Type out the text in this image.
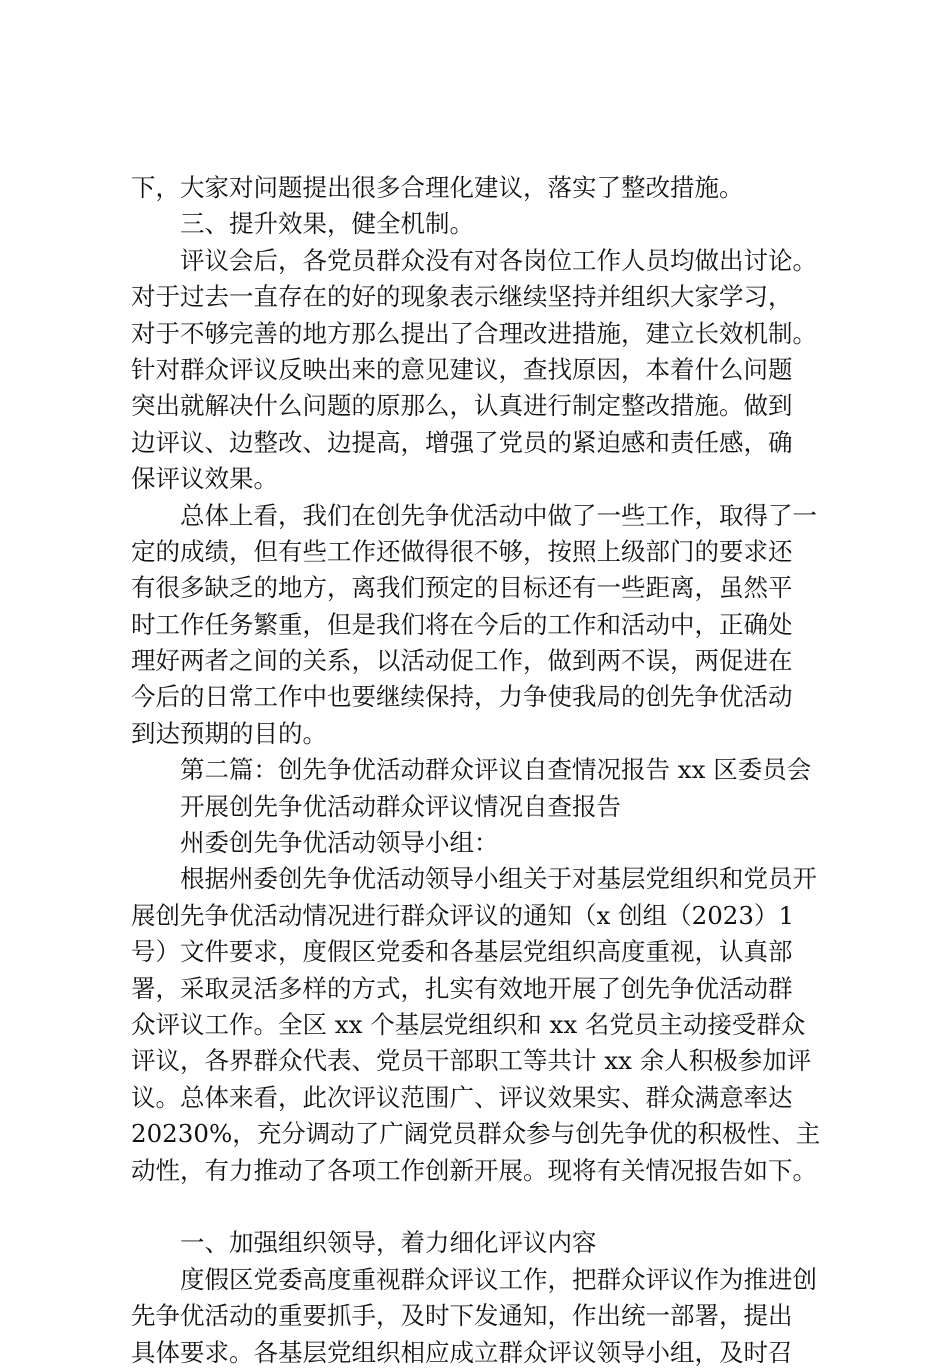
下，大家对问题提出很多合理化建议，落实了整改措施。
三、提升效果，健全机制。
评议会后，各党员群众没有对各岗位工作人员均做出讨论。
对于过去一直存在的好的现象表示继续坚持并组织大家学习，
对于不够完善的地方那么提出了合理改进措施，建立长效机制。
针对群众评议反映出来的意见建议，查找原因，本着什么问题
突出就解决什么问题的原那么，认真进行制定整改措施。做到
边评议、边整改、边提高，增强了党员的紧迫感和责任感，确
保评议效果。
总体上看，我们在创先争优活动中做了一些工作，取得了一
定的成绩，但有些工作还做得很不够，按照上级部门的要求还
有很多缺乏的地方，离我们预定的目标还有一些距离，虽然平
时工作任务繁重，但是我们将在今后的工作和活动中，正确处
理好两者之间的关系，以活动促工作，做到两不误，两促进在
今后的日常工作中也要继续保持，力争使我局的创先争优活动
到达预期的目的。
第二篇：创先争优活动群众评议自查情况报告 xx 区委员会
开展创先争优活动群众评议情况自查报告
州委创先争优活动领导小组：
根据州委创先争优活动领导小组关于对基层党组织和党员开
展创先争优活动情况进行群众评议的通知（x 创组（2023）1
号）文件要求，度假区党委和各基层党组织高度重视，认真部
署，采取灵活多样的方式，扎实有效地开展了创先争优活动群
众评议工作。全区 xx 个基层党组织和 xx 名党员主动接受群众
评议，各界群众代表、党员干部职工等共计 xx 余人积极参加评
议。总体来看，此次评议范围广、评议效果实、群众满意率达
20230%，充分调动了广阔党员群众参与创先争优的积极性、主
动性，有力推动了各项工作创新开展。现将有关情况报告如下。
一、加强组织领导，着力细化评议内容
度假区党委高度重视群众评议工作，把群众评议作为推进创
先争优活动的重要抓手，及时下发通知，作出统一部署，提出
具体要求。各基层党组织相应成立群众评议领导小组，及时召
